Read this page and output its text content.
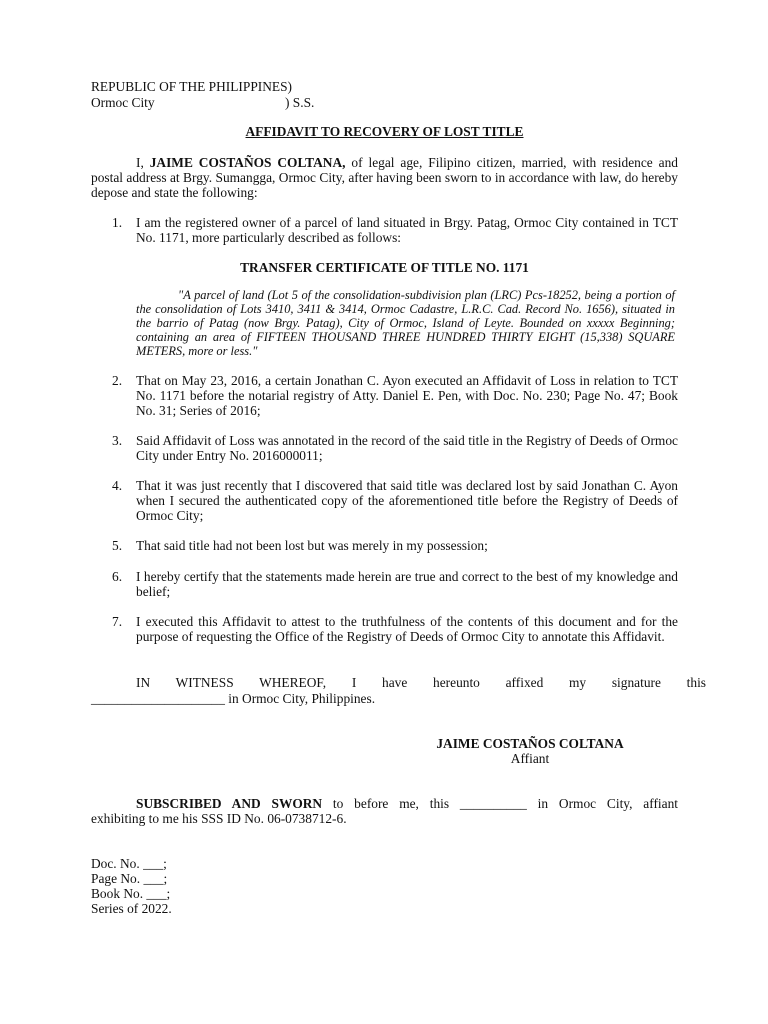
REPUBLIC OF THE PHILIPPINES)
Ormoc City	) S.S.
AFFIDAVIT TO RECOVERY OF LOST TITLE
I, JAIME COSTAÑOS COLTANA, of legal age, Filipino citizen, married, with residence and postal address at Brgy. Sumangga, Ormoc City, after having been sworn to in accordance with law, do hereby depose and state the following:
1. I am the registered owner of a parcel of land situated in Brgy. Patag, Ormoc City contained in TCT No. 1171, more particularly described as follows:
TRANSFER CERTIFICATE OF TITLE NO. 1171
"A parcel of land (Lot 5 of the consolidation-subdivision plan (LRC) Pcs-18252, being a portion of the consolidation of Lots 3410, 3411 & 3414, Ormoc Cadastre, L.R.C. Cad. Record No. 1656), situated in the barrio of Patag (now Brgy. Patag), City of Ormoc, Island of Leyte. Bounded on xxxxx Beginning; containing an area of FIFTEEN THOUSAND THREE HUNDRED THIRTY EIGHT (15,338) SQUARE METERS, more or less."
2. That on May 23, 2016, a certain Jonathan C. Ayon executed an Affidavit of Loss in relation to TCT No. 1171 before the notarial registry of Atty. Daniel E. Pen, with Doc. No. 230; Page No. 47; Book No. 31; Series of 2016;
3. Said Affidavit of Loss was annotated in the record of the said title in the Registry of Deeds of Ormoc City under Entry No. 2016000011;
4. That it was just recently that I discovered that said title was declared lost by said Jonathan C. Ayon when I secured the authenticated copy of the aforementioned title before the Registry of Deeds of Ormoc City;
5. That said title had not been lost but was merely in my possession;
6. I hereby certify that the statements made herein are true and correct to the best of my knowledge and belief;
7. I executed this Affidavit to attest to the truthfulness of the contents of this document and for the purpose of requesting the Office of the Registry of Deeds of Ormoc City to annotate this Affidavit.
IN WITNESS WHEREOF, I have hereunto affixed my signature this
____________________ in Ormoc City, Philippines.
JAIME COSTAÑOS COLTANA
Affiant
SUBSCRIBED AND SWORN to before me, this __________ in Ormoc City, affiant
exhibiting to me his SSS ID No. 06-0738712-6.
Doc. No. ___;
Page No. ___;
Book No. ___;
Series of 2022.
